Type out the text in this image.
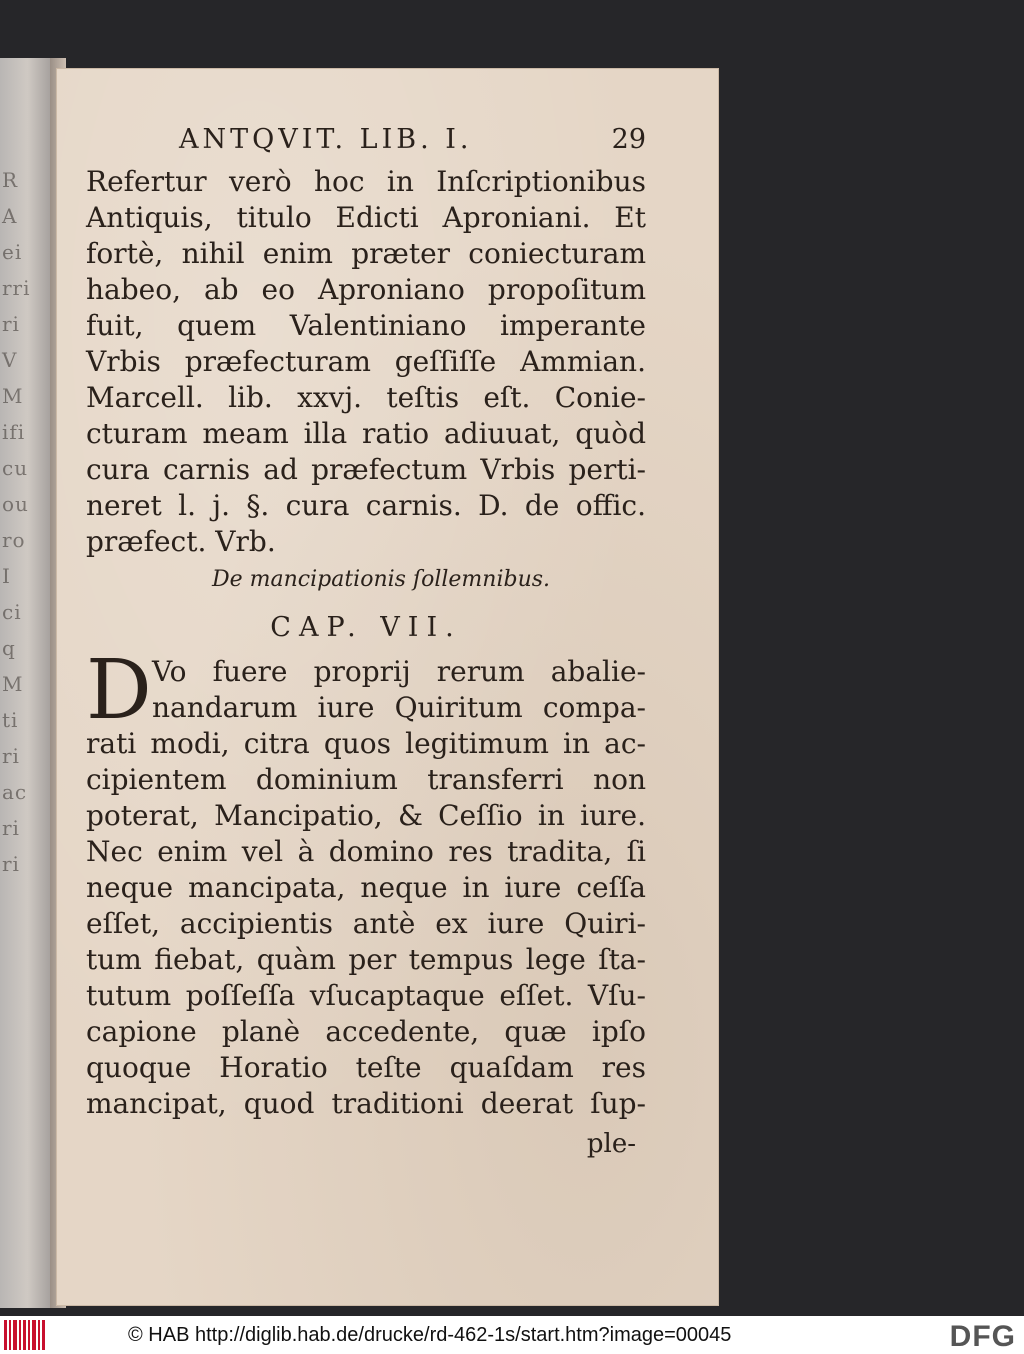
R
A
ei
rri
ri
V
M
ifi
cu
ou
ro
I
ci
q
M
ti
ri
ac
ri
ri
ANTQVIT. LIB. I.	29
Refertur verò hoc in Inſcriptionibus
Antiquis, titulo Edicti Aproniani. Et
fortè, nihil enim præter coniecturam
habeo, ab eo Aproniano propoſitum
fuit, quem Valentiniano imperante
Vrbis præfecturam geſſiſſe Ammian.
Marcell. lib. xxvj. teſtis eſt. Conie-
cturam meam illa ratio adiuuat, quòd
cura carnis ad præfectum Vrbis perti-
neret l. j. §. cura carnis. D. de offic.
præfect. Vrb.
De mancipationis ſollemnibus.
CAP. VII.
D Vo fuere proprij rerum abalie-
nandarum iure Quiritum compa-
rati modi, citra quos legitimum in ac-
cipientem dominium transferri non
poterat, Mancipatio, & Ceſſio in iure.
Nec enim vel à domino res tradita, ſi
neque mancipata, neque in iure ceſſa
eſſet, accipientis antè ex iure Quiri-
tum fiebat, quàm per tempus lege ſta-
tutum poſſeſſa vſucaptaque eſſet. Vſu-
capione planè accedente, quæ ipſo
quoque Horatio teſte quaſdam res
mancipat, quod traditioni deerat ſup-
ple-
© HAB http://diglib.hab.de/drucke/rd-462-1s/start.htm?image=00045	DFG
